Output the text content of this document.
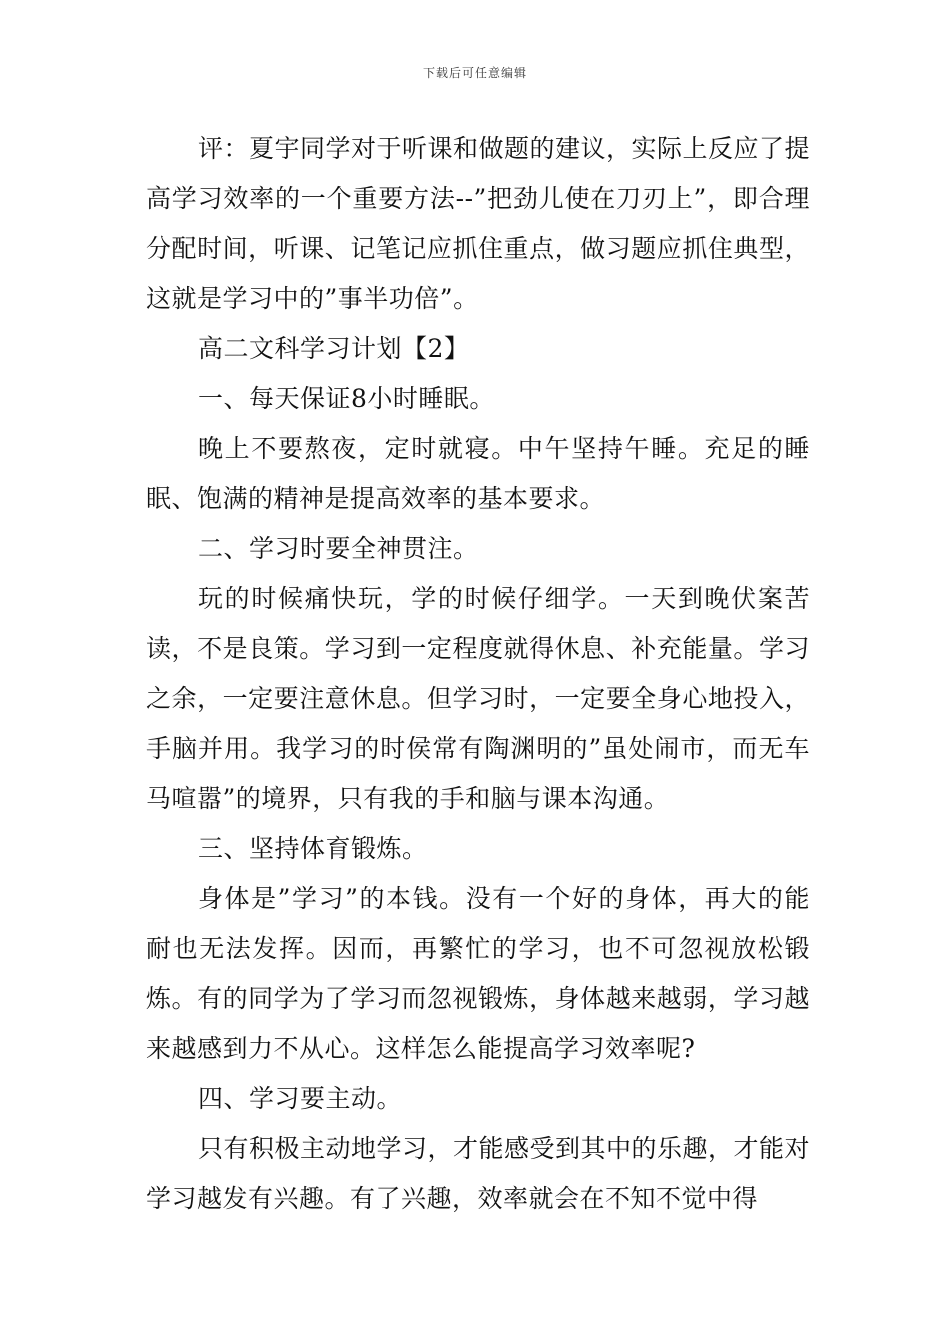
下载后可任意编辑

评：夏宇同学对于听课和做题的建议，实际上反应了提高学习效率的一个重要方法--”把劲儿使在刀刃上”，即合理分配时间，听课、记笔记应抓住重点，做习题应抓住典型，这就是学习中的”事半功倍”。

高二文科学习计划【2】

一、每天保证8小时睡眠。

晚上不要熬夜，定时就寝。中午坚持午睡。充足的睡眠、饱满的精神是提高效率的基本要求。

二、学习时要全神贯注。

玩的时候痛快玩，学的时候仔细学。一天到晚伏案苦读，不是良策。学习到一定程度就得休息、补充能量。学习之余，一定要注意休息。但学习时，一定要全身心地投入，手脑并用。我学习的时侯常有陶渊明的”虽处闹市，而无车马喧嚣”的境界，只有我的手和脑与课本沟通。

三、坚持体育锻炼。

身体是”学习”的本钱。没有一个好的身体，再大的能耐也无法发挥。因而，再繁忙的学习，也不可忽视放松锻炼。有的同学为了学习而忽视锻炼，身体越来越弱，学习越来越感到力不从心。这样怎么能提高学习效率呢?

四、学习要主动。

只有积极主动地学习，才能感受到其中的乐趣，才能对学习越发有兴趣。有了兴趣，效率就会在不知不觉中得
